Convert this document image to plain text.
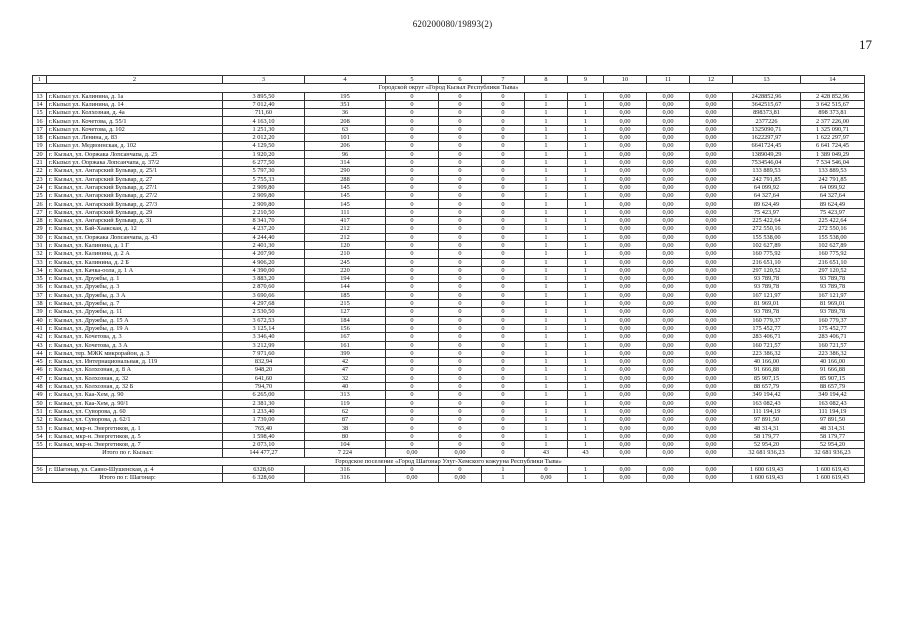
620200080/19893(2)
17
1	2	3	4	5	6	7	8	9	10	11	12	13	14
Городской округ «Город Кызыл Республики Тыва»													
13	г.Кызыл ул. Калинина, д. 1а	3 895,50	195	0	0	0	1	1	0,00	0,00	0,00	2428852,96	2 428 852,96
14	г.Кызыл ул. Калинина, д. 14	7 012,40	351	0	0	0	1	1	0,00	0,00	0,00	3642515,67	3 642 515,67
15	г.Кызыл ул. Колхозная, д. 4а	711,60	36	0	0	0	1	1	0,00	0,00	0,00	898373,81	898 373,81
16	г.Кызыл ул. Кочетова, д. 55/1	4 163,10	208	0	0	0	1	1	0,00	0,00	0,00	2377226	2 377 226,00
17	г.Кызыл ул. Кочетова, д. 102	1 251,30	63	0	0	0	1	1	0,00	0,00	0,00	1325090,71	1 325 090,71
18	г.Кызыл ул. Ленина, д. 83	2 012,20	101	0	0	0	1	1	0,00	0,00	0,00	1622297,97	1 622 297,97
19	г.Кызыл ул. Медвоннская, д. 102	4 129,50	206	0	0	0	1	1	0,00	0,00	0,00	6641724,45	6 641 724,45
20	г. Кызыл, ул. Ооржака Лопсанчапа, д. 25	1 920,20	96	0	0	0	1	1	0,00	0,00	0,00	1389049,29	1 389 049,29
21	г.Кызыл ул. Ооржака Лопсанчапа, д. 37/2	6 277,50	314	0	0	0	1	1	0,00	0,00	0,00	7534546,04	7 534 546,04
22	г. Кызыл, ул. Ангарский Бульвар, д. 25/1	5 797,30	290	0	0	0	1	1	0,00	0,00	0,00	133 889,53	133 889,53
23	г. Кызыл, ул. Ангарский Бульвар, д. 27	5 755,33	288	0	0	0	1	1	0,00	0,00	0,00	242 791,85	242 791,85
24	г. Кызыл, ул. Ангарский Бульвар, д. 27/1	2 909,80	145	0	0	0	1	1	0,00	0,00	0,00	64 099,92	64 099,92
25	г. Кызыл, ул. Ангарский Бульвар, д. 27/2	2 909,80	145	0	0	0	1	1	0,00	0,00	0,00	64 327,64	64 327,64
26	г. Кызыл, ул. Ангарский Бульвар, д. 27/3	2 909,80	145	0	0	0	1	1	0,00	0,00	0,00	89 624,49	89 624,49
27	г. Кызыл, ул. Ангарский Бульвар, д. 29	2 210,50	111	0	0	0	1	1	0,00	0,00	0,00	75 423,97	75 423,97
28	г. Кызыл, ул. Ангарский Бульвар, д. 31	8 341,70	417	0	0	0	1	1	0,00	0,00	0,00	225 422,64	225 422,64
29	г. Кызыл, ул. Бай-Хаакская, д. 12	4 237,20	212	0	0	0	1	1	0,00	0,00	0,00	272 550,16	272 550,16
30	г. Кызыл, ул. Ооржака Лопсанчапа, д. 43	4 244,40	212	0	0	0	1	1	0,00	0,00	0,00	155 538,00	155 538,00
31	г. Кызыл, ул. Калинина, д. 1 Г	2 401,30	120	0	0	0	1	1	0,00	0,00	0,00	102 627,89	102 627,89
32	г. Кызыл, ул. Калинина, д. 2 А	4 207,90	210	0	0	0	1	1	0,00	0,00	0,00	160 775,92	160 775,92
33	г. Кызыл, ул. Калинина, д. 2 Б	4 906,20	245	0	0	0	1	1	0,00	0,00	0,00	216 651,10	216 651,10
34	г. Кызыл, ул. Качка-оола, д. 1 А	4 390,00	220	0	0	0	1	1	0,00	0,00	0,00	297 120,52	297 120,52
35	г. Кызыл, ул. Дружбы, д. 1	3 883,20	194	0	0	0	1	1	0,00	0,00	0,00	93 789,78	93 789,78
36	г. Кызыл, ул. Дружбы, д. 3	2 870,60	144	0	0	0	1	1	0,00	0,00	0,00	93 789,78	93 789,78
37	г. Кызыл, ул. Дружбы, д. 3 А	3 690,66	185	0	0	0	1	1	0,00	0,00	0,00	167 121,97	167 121,97
38	г. Кызыл, ул. Дружбы, д. 7	4 297,68	215	0	0	0	1	1	0,00	0,00	0,00	81 969,01	81 969,01
39	г. Кызыл, ул. Дружбы, д. 11	2 530,50	127	0	0	0	1	1	0,00	0,00	0,00	93 789,78	93 789,78
40	г. Кызыл, ул. Дружбы, д. 15 А	3 672,53	184	0	0	0	1	1	0,00	0,00	0,00	160 779,37	160 779,37
41	г. Кызыл, ул. Дружбы, д. 19 А	3 125,14	156	0	0	0	1	1	0,00	0,00	0,00	175 452,77	175 452,77
42	г. Кызыл, ул. Кочетова, д. 3	3 346,40	167	0	0	0	1	1	0,00	0,00	0,00	283 406,71	283 406,71
43	г. Кызыл, ул. Кочетова, д. 3 А	3 212,99	161	0	0	0	1	1	0,00	0,00	0,00	160 721,57	160 721,57
44	г. Кызыл, тер. МЖК микрорайон, д. 3	7 971,60	399	0	0	0	1	1	0,00	0,00	0,00	223 386,32	223 386,32
45	г. Кызыл, ул. Интернациональная, д. 119	832,94	42	0	0	0	1	1	0,00	0,00	0,00	40 166,00	40 166,00
46	г. Кызыл, ул. Колхозная, д. 8 А	948,20	47	0	0	0	1	1	0,00	0,00	0,00	91 666,88	91 666,88
47	г. Кызыл, ул. Колхозная, д. 32	641,60	32	0	0	0	1	1	0,00	0,00	0,00	85 907,15	85 907,15
48	г. Кызыл, ул. Колхозная, д. 32 Б	794,70	40	0	0	0	1	1	0,00	0,00	0,00	88 657,79	88 657,79
49	г. Кызыл, ул. Каа-Хем, д. 90	6 265,00	313	0	0	0	1	1	0,00	0,00	0,00	349 194,42	349 194,42
50	г. Кызыл, ул. Каа-Хем, д. 90/1	2 381,30	119	0	0	0	1	1	0,00	0,00	0,00	163 082,43	163 082,43
51	г. Кызыл, ул. Суворова, д. 60	1 233,40	62	0	0	0	1	1	0,00	0,00	0,00	111 194,19	111 194,19
52	г. Кызыл, ул. Суворова, д. 62/1	1 739,00	87	0	0	0	1	1	0,00	0,00	0,00	97 891,50	97 891,50
53	г. Кызыл, мкр-н. Энергетиков, д. 1	765,40	38	0	0	0	1	1	0,00	0,00	0,00	48 314,31	48 314,31
54	г. Кызыл, мкр-н. Энергетиков, д. 5	1 598,40	80	0	0	0	1	1	0,00	0,00	0,00	58 179,77	58 179,77
55	г. Кызыл, мкр-н. Энергетиков, д. 7	2 073,10	104	0	0	0	1	1	0,00	0,00	0,00	52 954,20	52 954,20
Итого по г. Кызыл:		144 477,27	7 224	0,00	0,00	0	43	43	0,00	0,00	0,00	32 681 936,23	32 681 936,23
Городское поселение «Город Шагонар Улуг-Хемского кожууна Республики Тыва»													
56	г. Шагонар, ул. Саяно-Шушенская, д. 4	6328,60	316	0	0	1	0	1	0,00	0,00	0,00	1 600 619,43	1 600 619,43
Итого по г. Шагонар:		6 328,60	316	0,00	0,00	1	0,00	1	0,00	0,00	0,00	1 600 619,43	1 600 619,43
